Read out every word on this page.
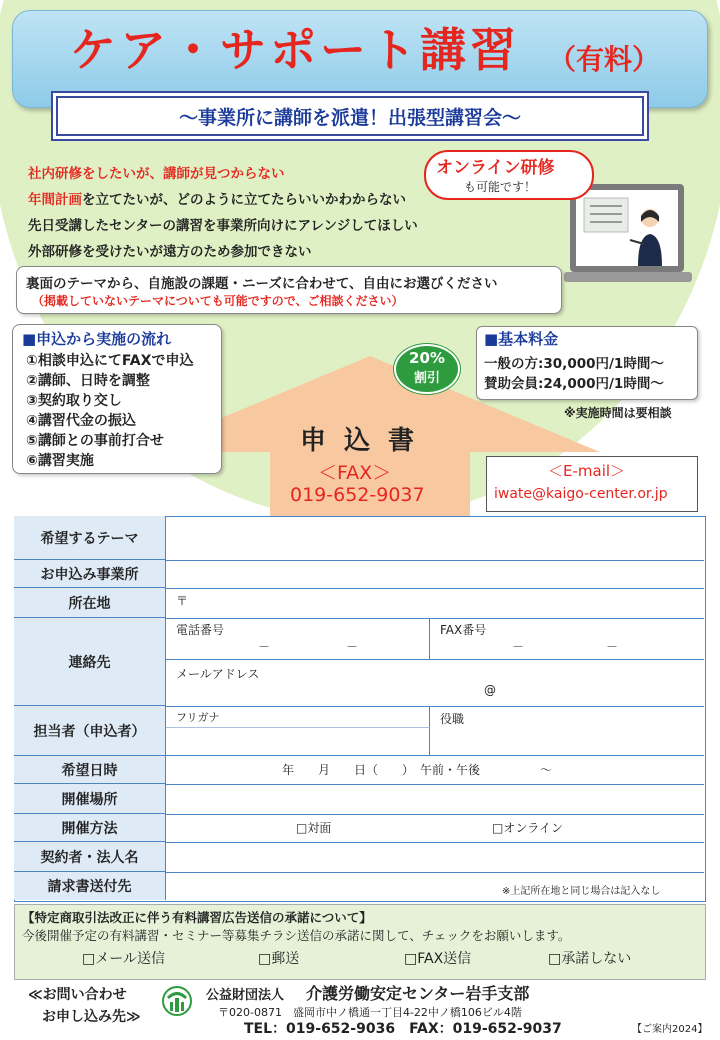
ケア・サポート講習 （有料）
～事業所に講師を派遣！出張型講習会～
社内研修をしたいが、講師が見つからない
年間計画を立てたいが、どのように立てたらいいかわからない
先日受講したセンターの講習を事業所向けにアレンジしてほしい
外部研修を受けたいが遠方のため参加できない
オンライン研修
も可能です！
裏面のテーマから、自施設の課題・ニーズに合わせて、自由にお選びください
（掲載していないテーマについても可能ですので、ご相談ください）
■申込から実施の流れ
①相談申込にてFAXで申込
②講師、日時を調整
③契約取り交し
④講習代金の振込
⑤講師との事前打合せ
⑥講習実施
20%
割引
■基本料金
一般の方:30,000円/1時間～
賛助会員:24,000円/1時間～
※実施時間は要相談
申込書
＜FAX＞
019-652-9037
＜E-mail＞
iwate@kaigo-center.or.jp
希望するテーマ
お申込み事業所
所在地	〒
連絡先
電話番号
－	－
FAX番号
－	－
メールアドレス
@
担当者（申込者）
フリガナ	役職
希望日時	年　　月　　日（　　）　午前・午後　　　　　～
開催場所
開催方法	□対面	□オンライン
契約者・法人名
請求書送付先	※上記所在地と同じ場合は記入なし
【特定商取引法改正に伴う有料講習広告送信の承諾について】
今後開催予定の有料講習・セミナー等募集チラシ送信の承諾に関して、チェックをお願いします。
□メール送信	□郵送	□FAX送信	□承諾しない
≪お問い合わせ
お申し込み先≫
公益財団法人 介護労働安定センター岩手支部
〒020-0871　盛岡市中ノ橋通一丁目4-22中ノ橋106ビル4階
TEL：019-652-9036　FAX：019-652-9037	【ご案内2024】
